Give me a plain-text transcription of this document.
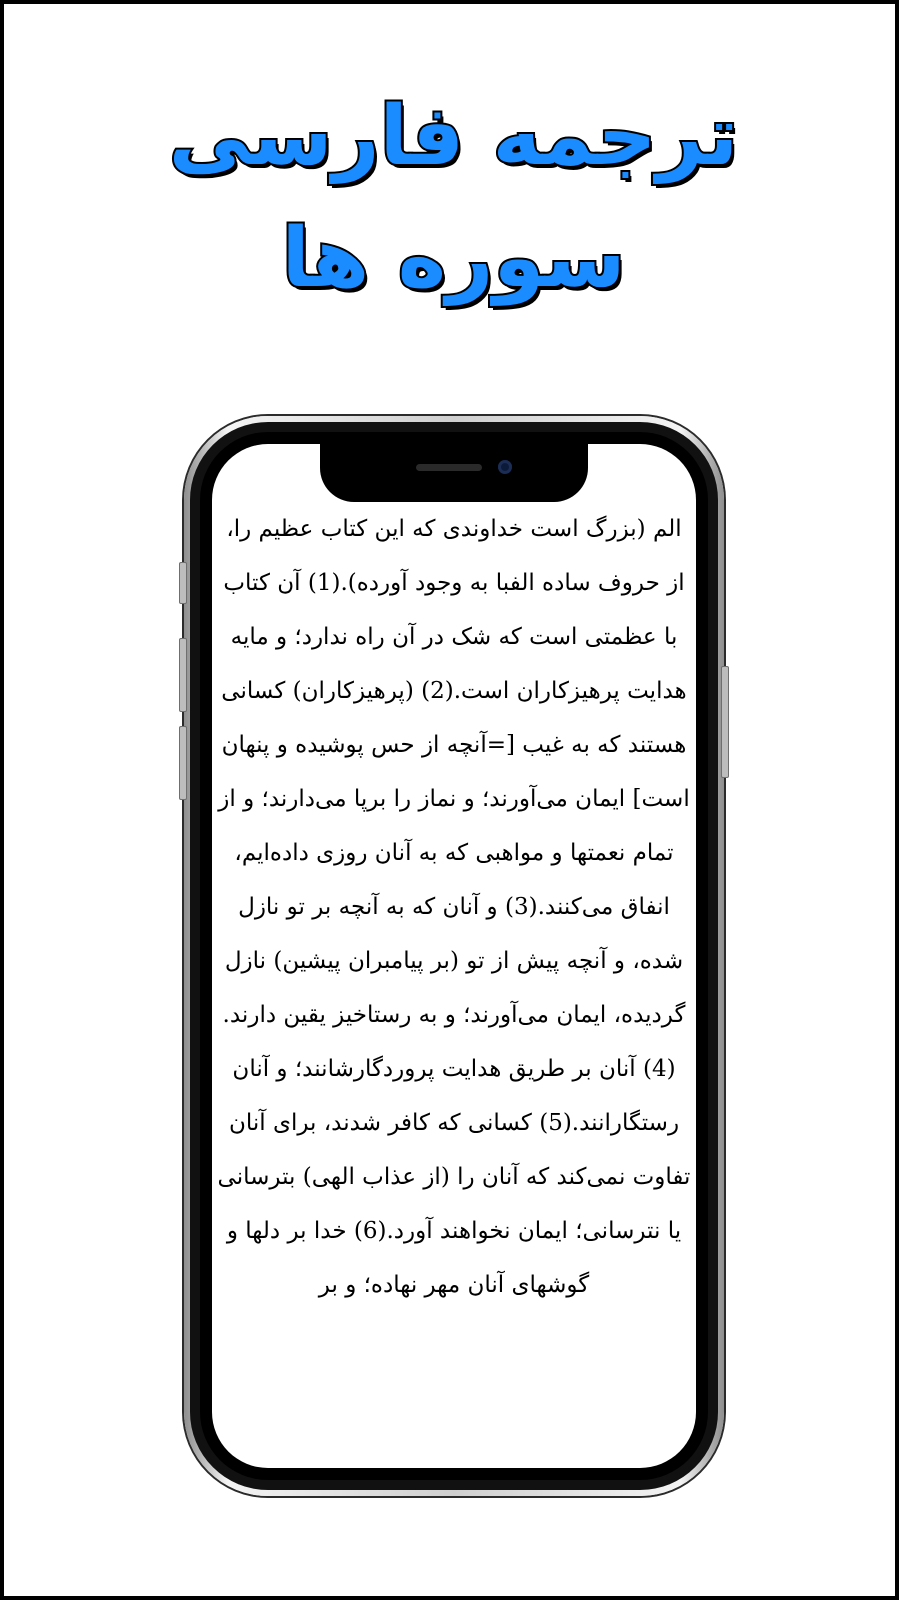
ترجمه فارسی
سوره ها
الم (بزرگ است خداوندی که این کتاب عظیم را، از حروف ساده الفبا به وجود آورده).(1) آن کتاب با عظمتی است که شک در آن راه ندارد؛ و مایه هدایت پرهیزکاران است.(2) (پرهیزکاران) کسانی هستند که به غیب [=آنچه از حس پوشیده و پنهان است] ایمان می‌آورند؛ و نماز را برپا می‌دارند؛ و از تمام نعمتها و مواهبی که به آنان روزی داده‌ایم، انفاق می‌کنند.(3) و آنان که به آنچه بر تو نازل شده، و آنچه پیش از تو (بر پیامبران پیشین) نازل گردیده، ایمان می‌آورند؛ و به رستاخیز یقین دارند.(4) آنان بر طریق هدایت پروردگارشانند؛ و آنان رستگارانند.(5) کسانی که کافر شدند، برای آنان تفاوت نمی‌کند که آنان را (از عذاب الهی) بترسانی یا نترسانی؛ ایمان نخواهند آورد.(6) خدا بر دلها و گوشهای آنان مهر نهاده؛ و بر
